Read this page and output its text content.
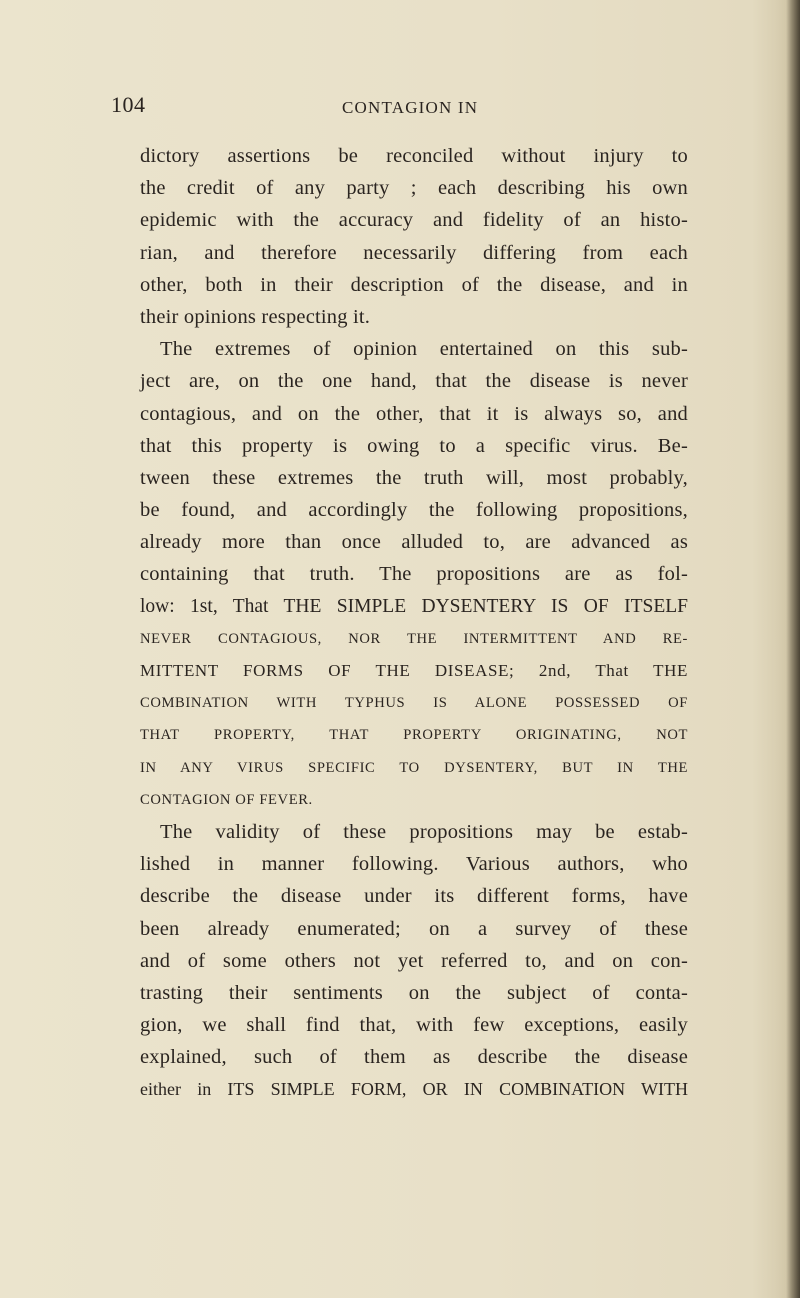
104	CONTAGION IN
dictory assertions be reconciled without injury to
the credit of any party ; each describing his own
epidemic with the accuracy and fidelity of an histo-
rian, and therefore necessarily differing from each
other, both in their description of the disease, and in
their opinions respecting it.
The extremes of opinion entertained on this sub-
ject are, on the one hand, that the disease is never
contagious, and on the other, that it is always so, and
that this property is owing to a specific virus. Be-
tween these extremes the truth will, most probably,
be found, and accordingly the following propositions,
already more than once alluded to, are advanced as
containing that truth. The propositions are as fol-
low: 1st, That THE SIMPLE DYSENTERY IS OF ITSELF
NEVER CONTAGIOUS, NOR THE INTERMITTENT AND RE-
MITTENT FORMS OF THE DISEASE; 2nd, That THE
COMBINATION WITH TYPHUS IS ALONE POSSESSED OF
THAT PROPERTY, THAT PROPERTY ORIGINATING, NOT
IN ANY VIRUS SPECIFIC TO DYSENTERY, BUT IN THE
CONTAGION OF FEVER.
The validity of these propositions may be estab-
lished in manner following. Various authors, who
describe the disease under its different forms, have
been already enumerated; on a survey of these
and of some others not yet referred to, and on con-
trasting their sentiments on the subject of conta-
gion, we shall find that, with few exceptions, easily
explained, such of them as describe the disease
either in ITS SIMPLE FORM, OR IN COMBINATION WITH
